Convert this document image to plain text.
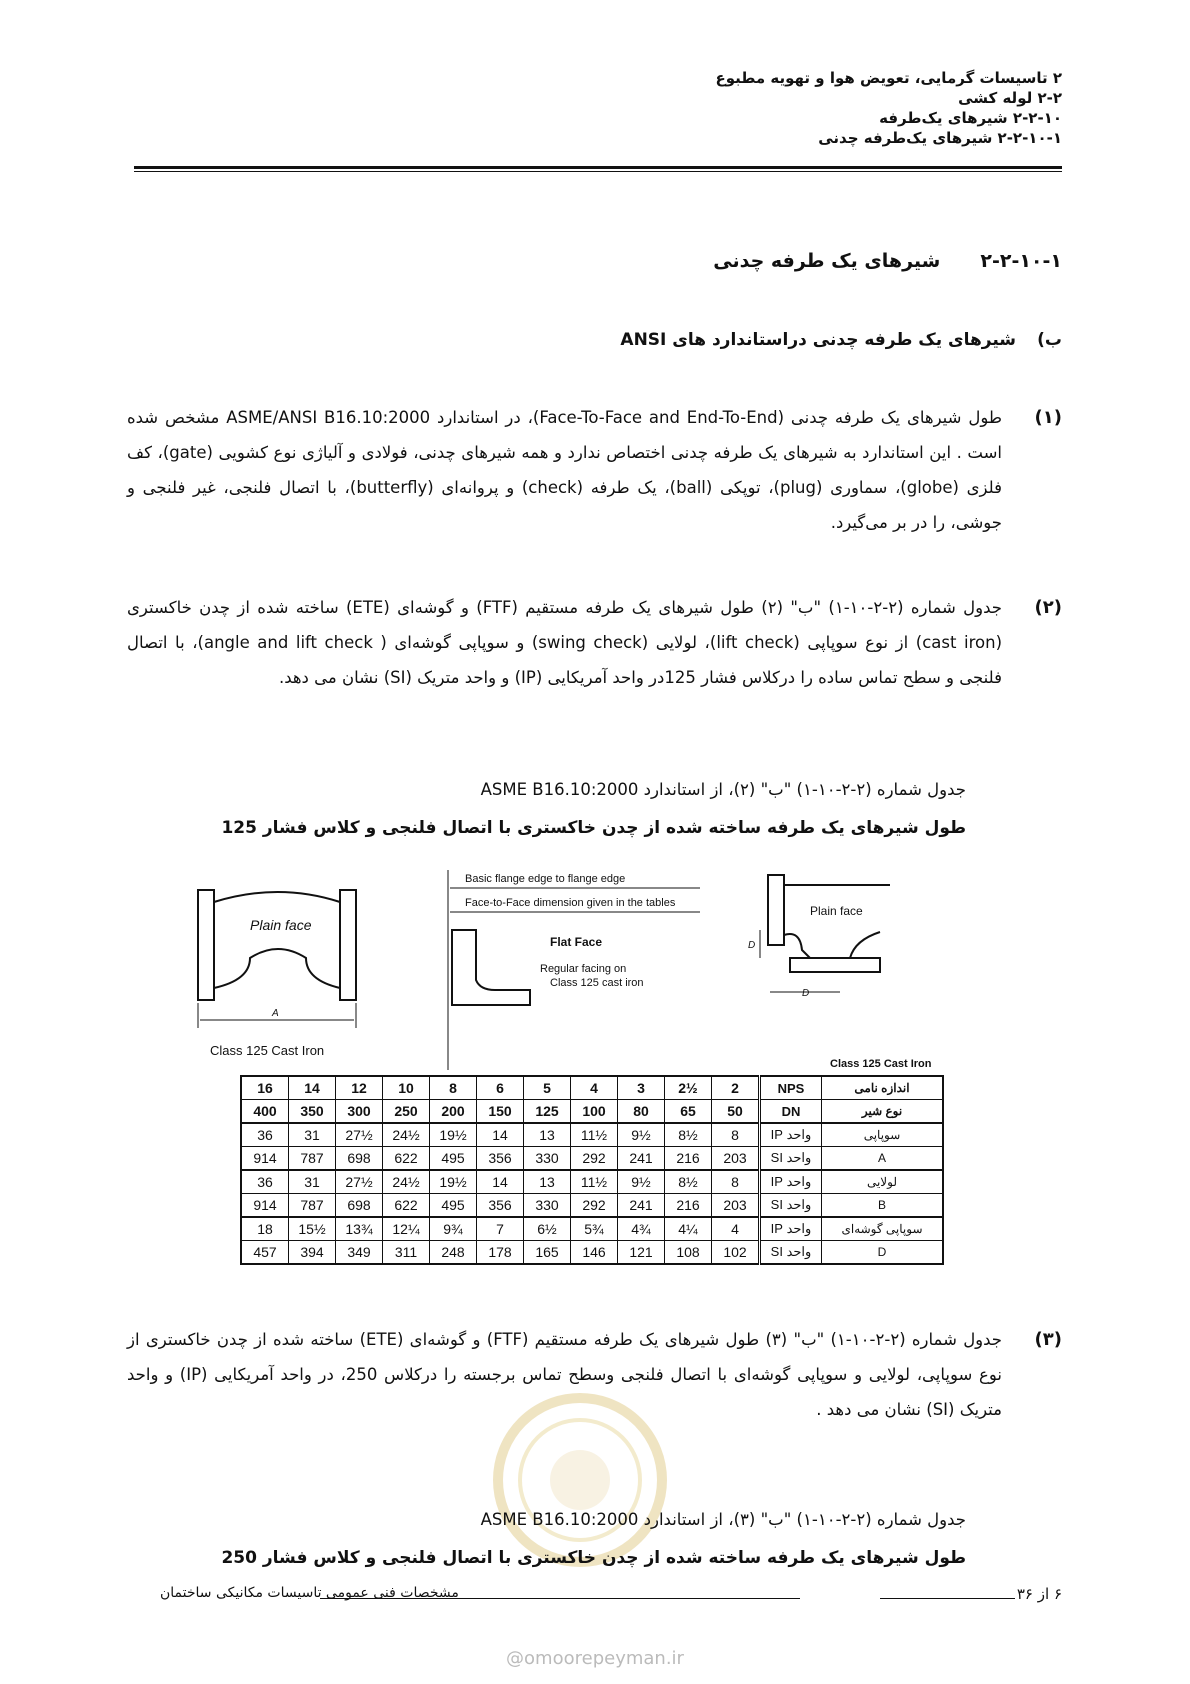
۲ تاسیسات گرمایی، تعویض هوا و تهویه مطبوع
۲-۲ لوله کشی
۲-۲-۱۰ شیرهای یک‌طرفه
۲-۲-۱۰-۱ شیرهای یک‌طرفه چدنی
۲-۲-۱۰-۱شیرهای یک طرفه چدنی
ب)شیرهای یک طرفه چدنی دراستاندارد های ANSI
(۱)
طول شیرهای یک طرفه چدنی (Face-To-Face and End-To-End)، در استاندارد ASME/ANSI B16.10:2000 مشخص شده است . این استاندارد به شیرهای یک طرفه چدنی اختصاص ندارد و همه شیرهای چدنی، فولادی و آلیاژی نوع کشویی (gate)، کف فلزی (globe)، سماوری (plug)، توپکی (ball)، یک طرفه (check) و پروانه‌ای (butterfly)، با اتصال فلنجی، غیر فلنجی و جوشی، را در بر می‌گیرد.
(۲)
جدول شماره (۲-۲-۱۰-۱) "ب" (۲) طول شیرهای یک طرفه مستقیم (FTF) و گوشه‌ای (ETE) ساخته شده از چدن خاکستری (cast iron) از نوع سوپاپی (lift check)، لولایی (swing check) و سوپاپی گوشه‌ای ( angle and lift check)، با اتصال فلنجی و سطح تماس ساده را درکلاس فشار 125در واحد آمریکایی (IP) و واحد متریک (SI) نشان می دهد.
جدول شماره (۲-۲-۱۰-۱) "ب" (۲)، از استاندارد ASME B16.10:2000
طول شیرهای یک طرفه ساخته شده از چدن خاکستری با اتصال فلنجی و کلاس فشار 125
Plain face
A
Class 125 Cast Iron
Basic flange edge to flange edge
Face-to-Face dimension given in the tables
Flat Face
Regular facing on
Class 125 cast iron
Plain face
D
D
Class 125 Cast Iron
16	14	12	10	8	6	5	4	3	2½	2	NPS	اندازه نامی
400	350	300	250	200	150	125	100	80	65	50	DN	نوع شیر
36	31	27½	24½	19½	14	13	11½	9½	8½	8	واحد IP	سوپاپی
914	787	698	622	495	356	330	292	241	216	203	واحد SI	A
36	31	27½	24½	19½	14	13	11½	9½	8½	8	واحد IP	لولایی
914	787	698	622	495	356	330	292	241	216	203	واحد SI	B
18	15½	13¾	12¼	9¾	7	6½	5¾	4¾	4¼	4	واحد IP	سوپاپی گوشه‌ای
457	394	349	311	248	178	165	146	121	108	102	واحد SI	D
(۳)
جدول شماره (۲-۲-۱۰-۱) "ب" (۳) طول شیرهای یک طرفه مستقیم (FTF) و گوشه‌ای (ETE) ساخته شده از چدن خاکستری از نوع سوپاپی، لولایی و سوپاپی گوشه‌ای با اتصال فلنجی وسطح تماس برجسته را درکلاس 250، در واحد آمریکایی (IP) و واحد متریک (SI) نشان می دهد .
جدول شماره (۲-۲-۱۰-۱) "ب" (۳)، از استاندارد ASME B16.10:2000
طول شیرهای یک طرفه ساخته شده از چدن خاکستری با اتصال فلنجی و کلاس فشار 250
۶ از ۳۶
مشخصات فنی عمومی تاسیسات مکانیکی ساختمان
@omoorepeyman.ir
